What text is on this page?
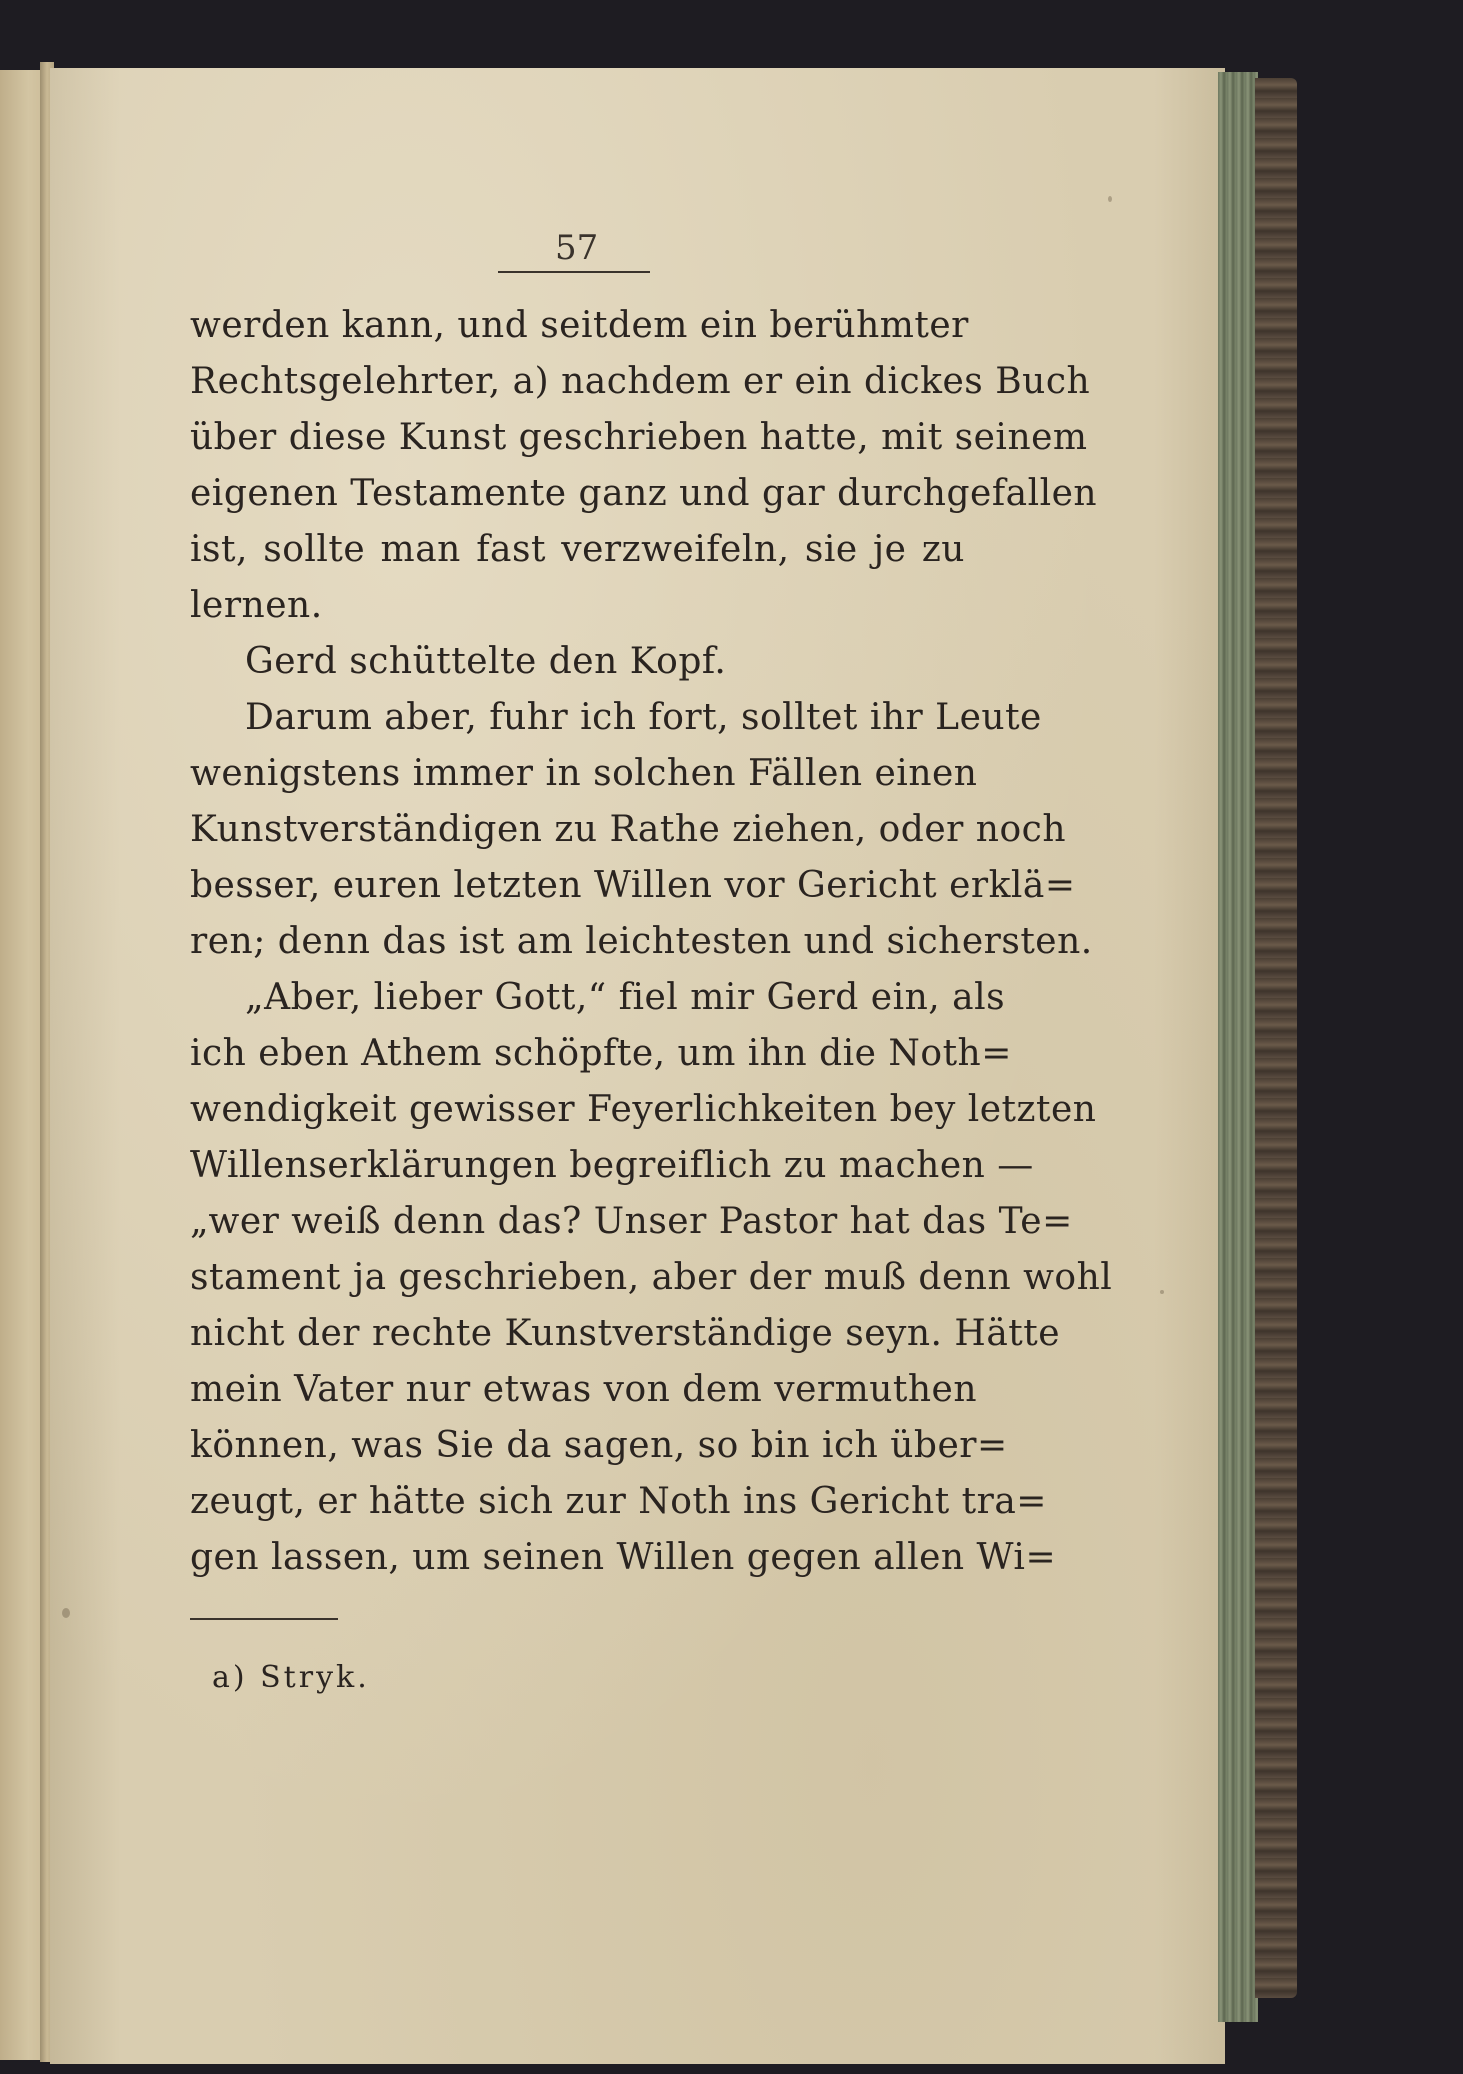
57
werden kann, und seitdem ein berühmter
Rechtsgelehrter, a) nachdem er ein dickes Buch
über diese Kunst geschrieben hatte, mit seinem
eigenen Testamente ganz und gar durchgefallen
ist, sollte man fast verzweifeln, sie je zu
lernen.
Gerd schüttelte den Kopf.
Darum aber, fuhr ich fort, solltet ihr Leute
wenigstens immer in solchen Fällen einen
Kunstverständigen zu Rathe ziehen, oder noch
besser, euren letzten Willen vor Gericht erklä=
ren; denn das ist am leichtesten und sichersten.
„Aber, lieber Gott,“ fiel mir Gerd ein, als
ich eben Athem schöpfte, um ihn die Noth=
wendigkeit gewisser Feyerlichkeiten bey letzten
Willenserklärungen begreiflich zu machen —
„wer weiß denn das? Unser Pastor hat das Te=
stament ja geschrieben, aber der muß denn wohl
nicht der rechte Kunstverständige seyn. Hätte
mein Vater nur etwas von dem vermuthen
können, was Sie da sagen, so bin ich über=
zeugt, er hätte sich zur Noth ins Gericht tra=
gen lassen, um seinen Willen gegen allen Wi=
a) Stryk.
